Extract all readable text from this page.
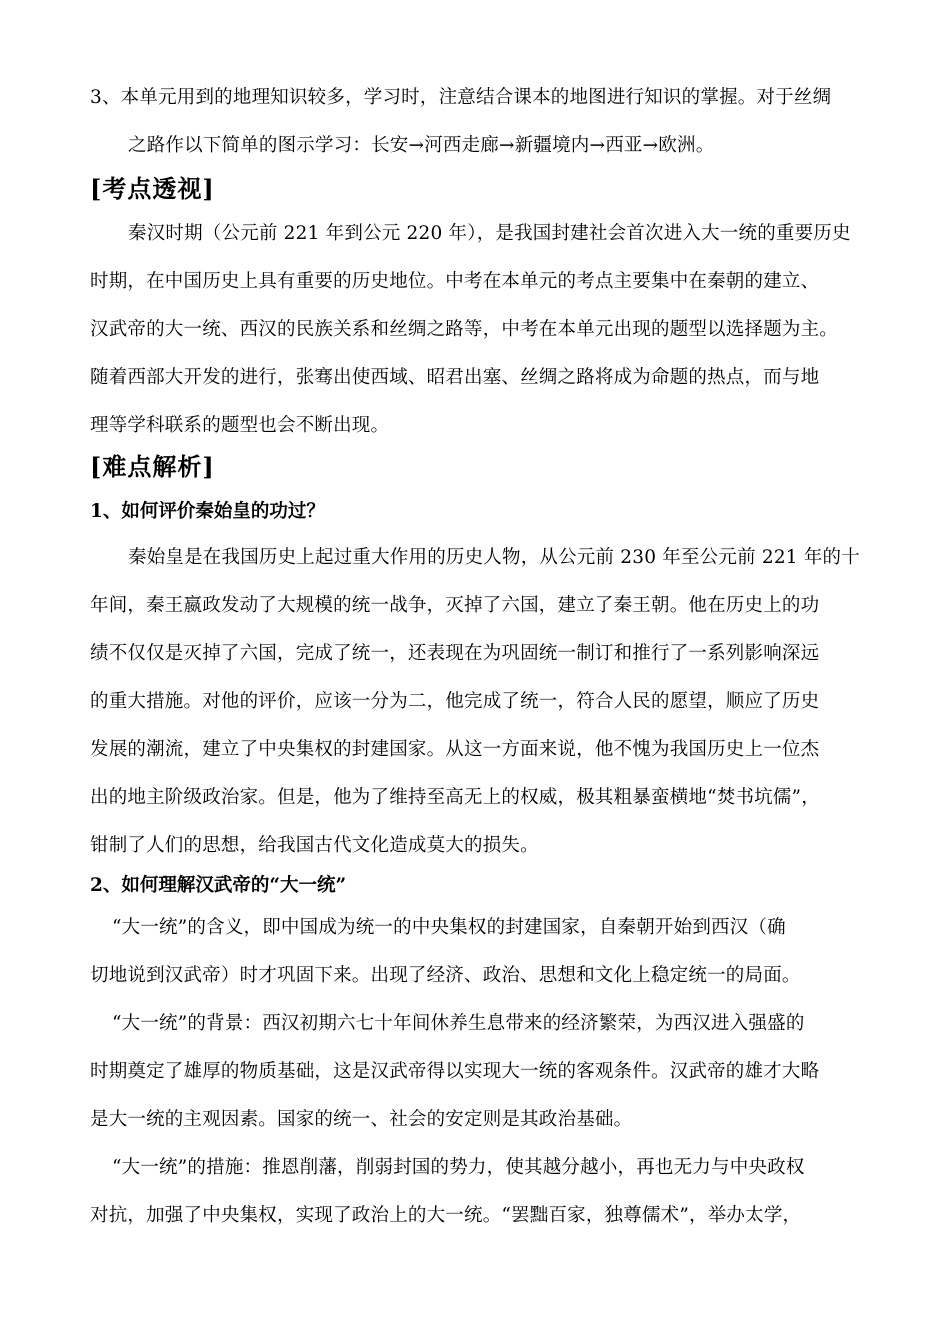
3、本单元用到的地理知识较多，学习时，注意结合课本的地图进行知识的掌握。对于丝绸
之路作以下简单的图示学习：长安→河西走廊→新疆境内→西亚→欧洲。
[考点透视]
秦汉时期（公元前 221 年到公元 220 年），是我国封建社会首次进入大一统的重要历史
时期，在中国历史上具有重要的历史地位。中考在本单元的考点主要集中在秦朝的建立、
汉武帝的大一统、西汉的民族关系和丝绸之路等，中考在本单元出现的题型以选择题为主。
随着西部大开发的进行，张骞出使西域、昭君出塞、丝绸之路将成为命题的热点，而与地
理等学科联系的题型也会不断出现。
[难点解析]
1、如何评价秦始皇的功过？
秦始皇是在我国历史上起过重大作用的历史人物，从公元前 230 年至公元前 221 年的十
年间，秦王嬴政发动了大规模的统一战争，灭掉了六国，建立了秦王朝。他在历史上的功
绩不仅仅是灭掉了六国，完成了统一，还表现在为巩固统一制订和推行了一系列影响深远
的重大措施。对他的评价，应该一分为二，他完成了统一，符合人民的愿望，顺应了历史
发展的潮流，建立了中央集权的封建国家。从这一方面来说，他不愧为我国历史上一位杰
出的地主阶级政治家。但是，他为了维持至高无上的权威，极其粗暴蛮横地“焚书坑儒”，
钳制了人们的思想，给我国古代文化造成莫大的损失。
2、如何理解汉武帝的“大一统”
“大一统”的含义，即中国成为统一的中央集权的封建国家，自秦朝开始到西汉（确
切地说到汉武帝）时才巩固下来。出现了经济、政治、思想和文化上稳定统一的局面。
“大一统”的背景：西汉初期六七十年间休养生息带来的经济繁荣，为西汉进入强盛的
时期奠定了雄厚的物质基础，这是汉武帝得以实现大一统的客观条件。汉武帝的雄才大略
是大一统的主观因素。国家的统一、社会的安定则是其政治基础。
“大一统”的措施：推恩削藩，削弱封国的势力，使其越分越小，再也无力与中央政权
对抗，加强了中央集权，实现了政治上的大一统。“罢黜百家，独尊儒术”，举办太学，
